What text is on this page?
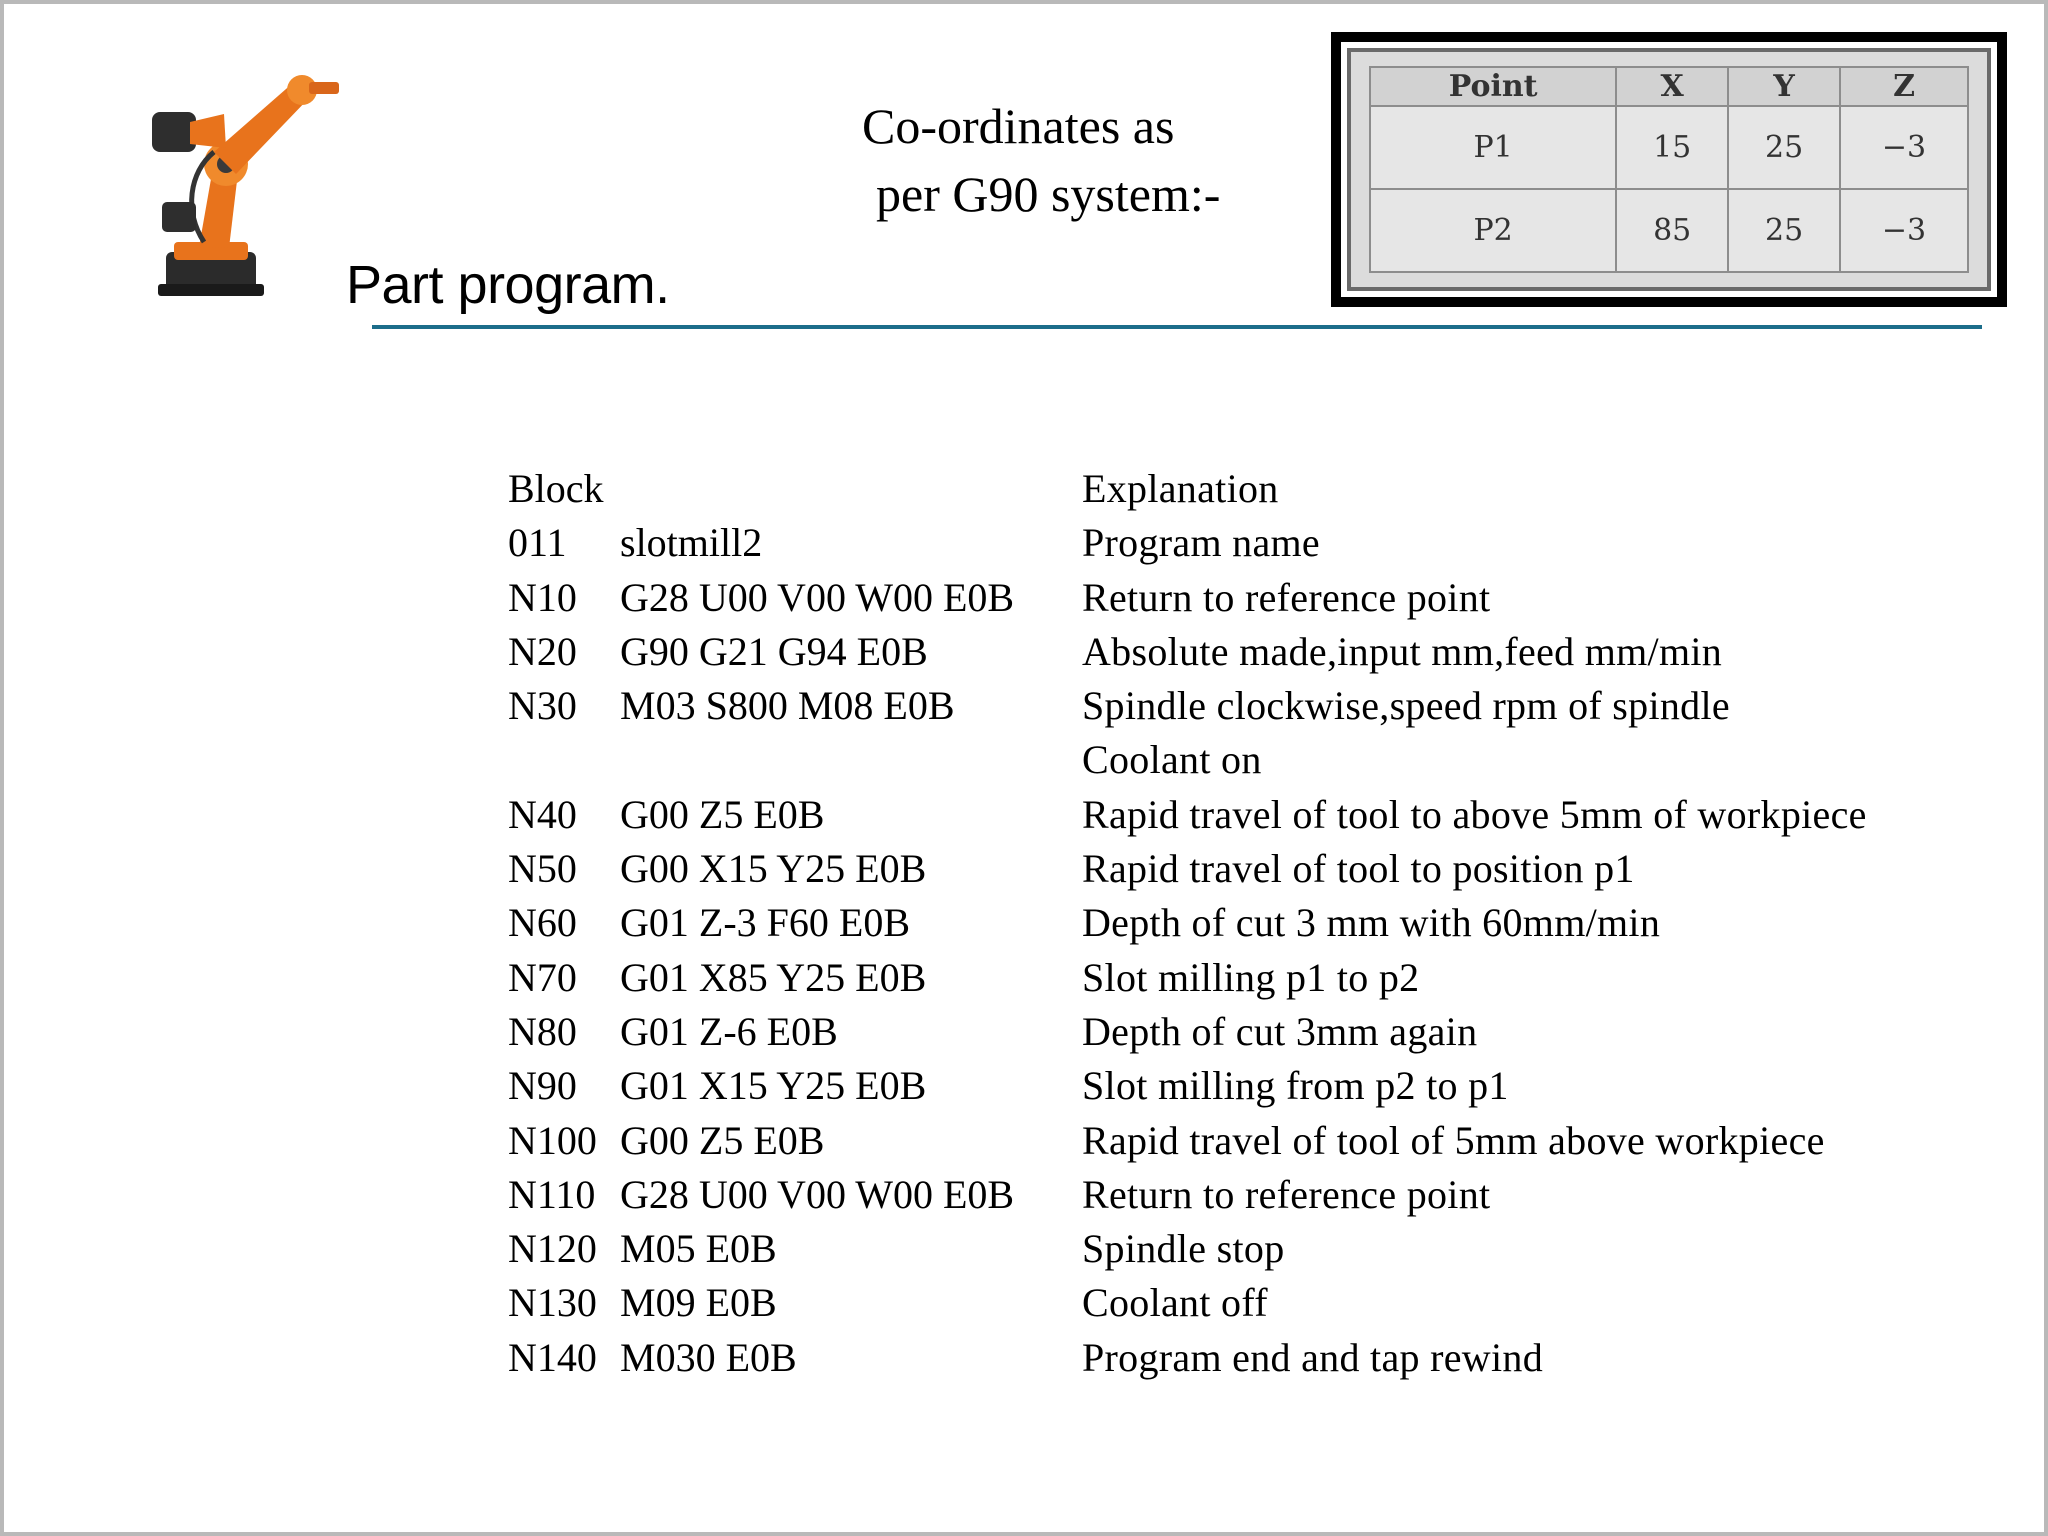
Co-ordinates as
per G90 system:-
Point	X	Y	Z
P1	15	25	−3
P2	85	25	−3
Part program.
Block	Explanation
011	slotmill2	Program name
N10	G28 U00 V00 W00 E0B	Return to reference point
N20	G90 G21 G94 E0B	Absolute made,input mm,feed mm/min
N30	M03 S800 M08 E0B	Spindle clockwise,speed rpm of spindle
Coolant on
N40	G00 Z5 E0B	Rapid travel of tool to above 5mm of workpiece
N50	G00 X15 Y25 E0B	Rapid travel of tool to position p1
N60	G01 Z-3 F60 E0B	Depth of cut 3 mm with 60mm/min
N70	G01 X85 Y25 E0B	Slot milling p1 to p2
N80	G01 Z-6 E0B	Depth of cut 3mm again
N90	G01 X15 Y25 E0B	Slot milling from p2 to p1
N100 G00 Z5 E0B	Rapid travel of tool of 5mm above workpiece
N110 G28 U00 V00 W00 E0B	Return to reference point
N120 M05 E0B	Spindle stop
N130 M09 E0B	Coolant off
N140 M030 E0B	Program end and tap rewind
